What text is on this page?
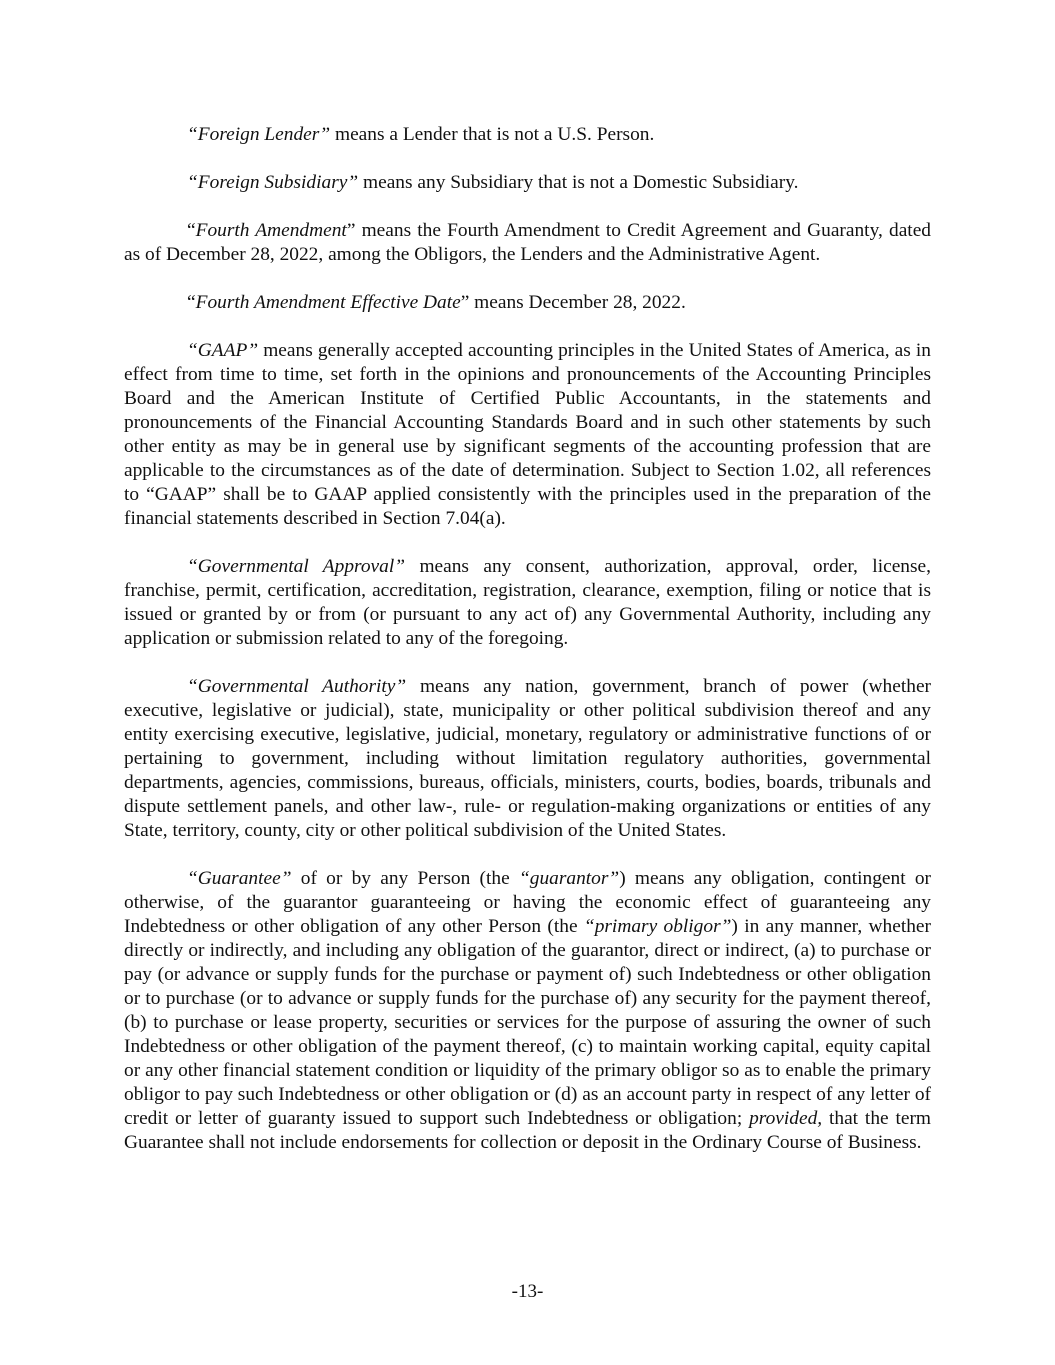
“Foreign Lender” means a Lender that is not a U.S. Person.

“Foreign Subsidiary” means any Subsidiary that is not a Domestic Subsidiary.

“Fourth Amendment” means the Fourth Amendment to Credit Agreement and Guaranty, dated as of December 28, 2022, among the Obligors, the Lenders and the Administrative Agent.

“Fourth Amendment Effective Date” means December 28, 2022.

“GAAP” means generally accepted accounting principles in the United States of America, as in effect from time to time, set forth in the opinions and pronouncements of the Accounting Principles Board and the American Institute of Certified Public Accountants, in the statements and pronouncements of the Financial Accounting Standards Board and in such other statements by such other entity as may be in general use by significant segments of the accounting profession that are applicable to the circumstances as of the date of determination. Subject to Section 1.02, all references to “GAAP” shall be to GAAP applied consistently with the principles used in the preparation of the financial statements described in Section 7.04(a).

“Governmental Approval” means any consent, authorization, approval, order, license, franchise, permit, certification, accreditation, registration, clearance, exemption, filing or notice that is issued or granted by or from (or pursuant to any act of) any Governmental Authority, including any application or submission related to any of the foregoing.

“Governmental Authority” means any nation, government, branch of power (whether executive, legislative or judicial), state, municipality or other political subdivision thereof and any entity exercising executive, legislative, judicial, monetary, regulatory or administrative functions of or pertaining to government, including without limitation regulatory authorities, governmental departments, agencies, commissions, bureaus, officials, ministers, courts, bodies, boards, tribunals and dispute settlement panels, and other law-, rule- or regulation-making organizations or entities of any State, territory, county, city or other political subdivision of the United States.

“Guarantee” of or by any Person (the “guarantor”) means any obligation, contingent or otherwise, of the guarantor guaranteeing or having the economic effect of guaranteeing any Indebtedness or other obligation of any other Person (the “primary obligor”) in any manner, whether directly or indirectly, and including any obligation of the guarantor, direct or indirect, (a) to purchase or pay (or advance or supply funds for the purchase or payment of) such Indebtedness or other obligation or to purchase (or to advance or supply funds for the purchase of) any security for the payment thereof, (b) to purchase or lease property, securities or services for the purpose of assuring the owner of such Indebtedness or other obligation of the payment thereof, (c) to maintain working capital, equity capital or any other financial statement condition or liquidity of the primary obligor so as to enable the primary obligor to pay such Indebtedness or other obligation or (d) as an account party in respect of any letter of credit or letter of guaranty issued to support such Indebtedness or obligation; provided, that the term Guarantee shall not include endorsements for collection or deposit in the Ordinary Course of Business.

-13-
